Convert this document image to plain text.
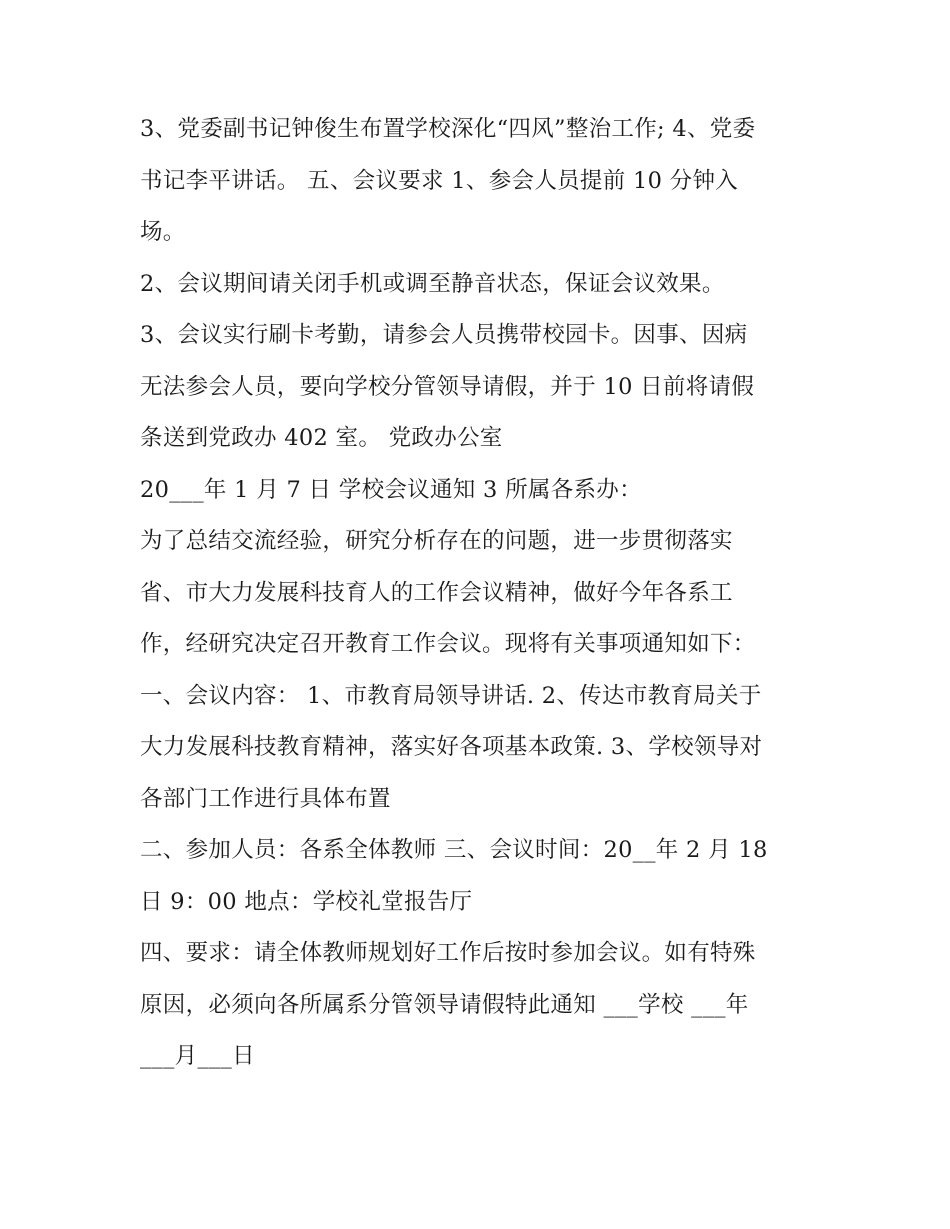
3、党委副书记钟俊生布置学校深化“四风”整治工作; 4、党委
书记李平讲话。 五、会议要求 1、参会人员提前 10 分钟入
场。
2、会议期间请关闭手机或调至静音状态，保证会议效果。
3、会议实行刷卡考勤，请参会人员携带校园卡。因事、因病
无法参会人员，要向学校分管领导请假，并于 10 日前将请假
条送到党政办 402 室。 党政办公室
20___年 1 月 7 日 学校会议通知 3 所属各系办：
为了总结交流经验，研究分析存在的问题，进一步贯彻落实
省、市大力发展科技育人的工作会议精神，做好今年各系工
作，经研究决定召开教育工作会议。现将有关事项通知如下：
一、会议内容： 1、市教育局领导讲话. 2、传达市教育局关于
大力发展科技教育精神，落实好各项基本政策. 3、学校领导对
各部门工作进行具体布置
二、参加人员：各系全体教师 三、会议时间：20__年 2 月 18
日 9：00 地点：学校礼堂报告厅
四、要求：请全体教师规划好工作后按时参加会议。如有特殊
原因，必须向各所属系分管领导请假特此通知 ___学校 ___年
___月___日
